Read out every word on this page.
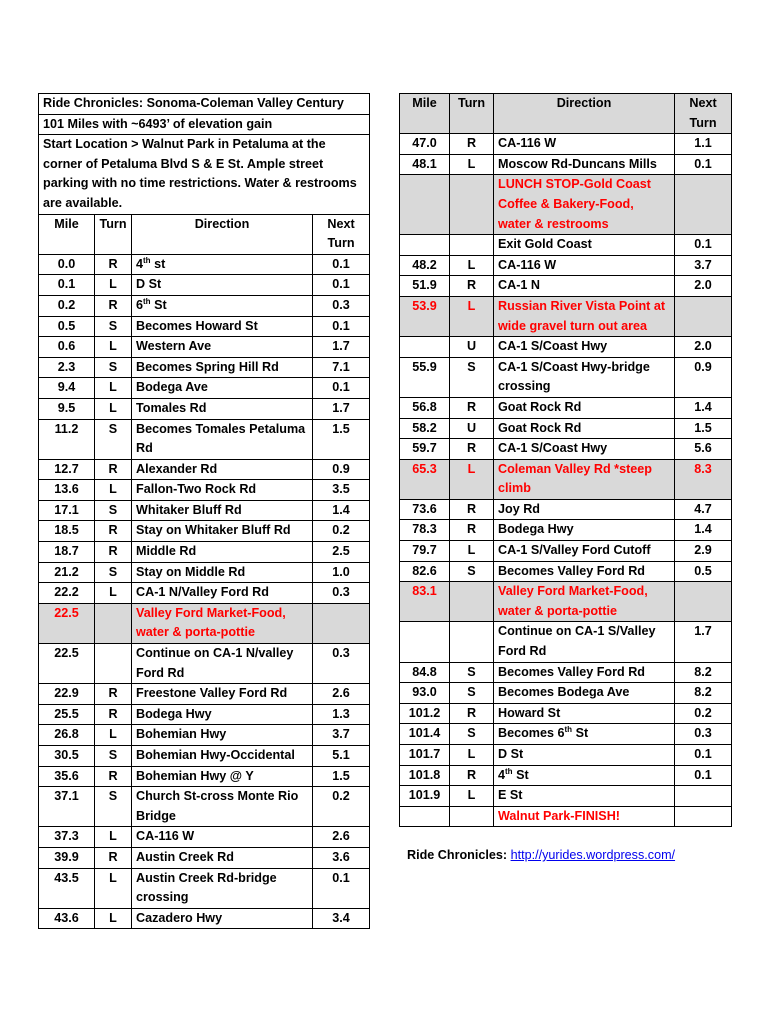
Ride Chronicles: Sonoma-Coleman Valley Century			
101 Miles with ~6493’ of elevation gain			
Start Location > Walnut Park in Petaluma at the corner of Petaluma Blvd S & E St. Ample street parking with no time restrictions. Water & restrooms are available.			
Mile	Turn	Direction	Next Turn
0.0	R	4th st	0.1
0.1	L	D St	0.1
0.2	R	6th St	0.3
0.5	S	Becomes Howard St	0.1
0.6	L	Western Ave	1.7
2.3	S	Becomes Spring Hill Rd	7.1
9.4	L	Bodega Ave	0.1
9.5	L	Tomales Rd	1.7
11.2	S	Becomes Tomales Petaluma Rd	1.5
12.7	R	Alexander Rd	0.9
13.6	L	Fallon-Two Rock Rd	3.5
17.1	S	Whitaker Bluff Rd	1.4
18.5	R	Stay on Whitaker Bluff Rd	0.2
18.7	R	Middle Rd	2.5
21.2	S	Stay on Middle Rd	1.0
22.2	L	CA-1 N/Valley Ford Rd	0.3
22.5		Valley Ford Market-Food, water & porta-pottie	
22.5		Continue on CA-1 N/valley Ford Rd	0.3
22.9	R	Freestone Valley Ford Rd	2.6
25.5	R	Bodega Hwy	1.3
26.8	L	Bohemian Hwy	3.7
30.5	S	Bohemian Hwy-Occidental	5.1
35.6	R	Bohemian Hwy @ Y	1.5
37.1	S	Church St-cross Monte Rio Bridge	0.2
37.3	L	CA-116 W	2.6
39.9	R	Austin Creek Rd	3.6
43.5	L	Austin Creek Rd-bridge crossing	0.1
43.6	L	Cazadero Hwy	3.4
Mile	Turn	Direction	Next Turn
47.0	R	CA-116 W	1.1
48.1	L	Moscow Rd-Duncans Mills	0.1
		LUNCH STOP-Gold Coast Coffee & Bakery-Food, water & restrooms	
		Exit Gold Coast	0.1
48.2	L	CA-116 W	3.7
51.9	R	CA-1 N	2.0
53.9	L	Russian River Vista Point at wide gravel turn out area	
	U	CA-1 S/Coast Hwy	2.0
55.9	S	CA-1 S/Coast Hwy-bridge crossing	0.9
56.8	R	Goat Rock Rd	1.4
58.2	U	Goat Rock Rd	1.5
59.7	R	CA-1 S/Coast Hwy	5.6
65.3	L	Coleman Valley Rd *steep climb	8.3
73.6	R	Joy Rd	4.7
78.3	R	Bodega Hwy	1.4
79.7	L	CA-1 S/Valley Ford Cutoff	2.9
82.6	S	Becomes Valley Ford Rd	0.5
83.1		Valley Ford Market-Food, water & porta-pottie	
		Continue on CA-1 S/Valley Ford Rd	1.7
84.8	S	Becomes Valley Ford Rd	8.2
93.0	S	Becomes Bodega Ave	8.2
101.2	R	Howard St	0.2
101.4	S	Becomes 6th St	0.3
101.7	L	D St	0.1
101.8	R	4th St	0.1
101.9	L	E St	
		Walnut Park-FINISH!	
Ride Chronicles: http://yurides.wordpress.com/
